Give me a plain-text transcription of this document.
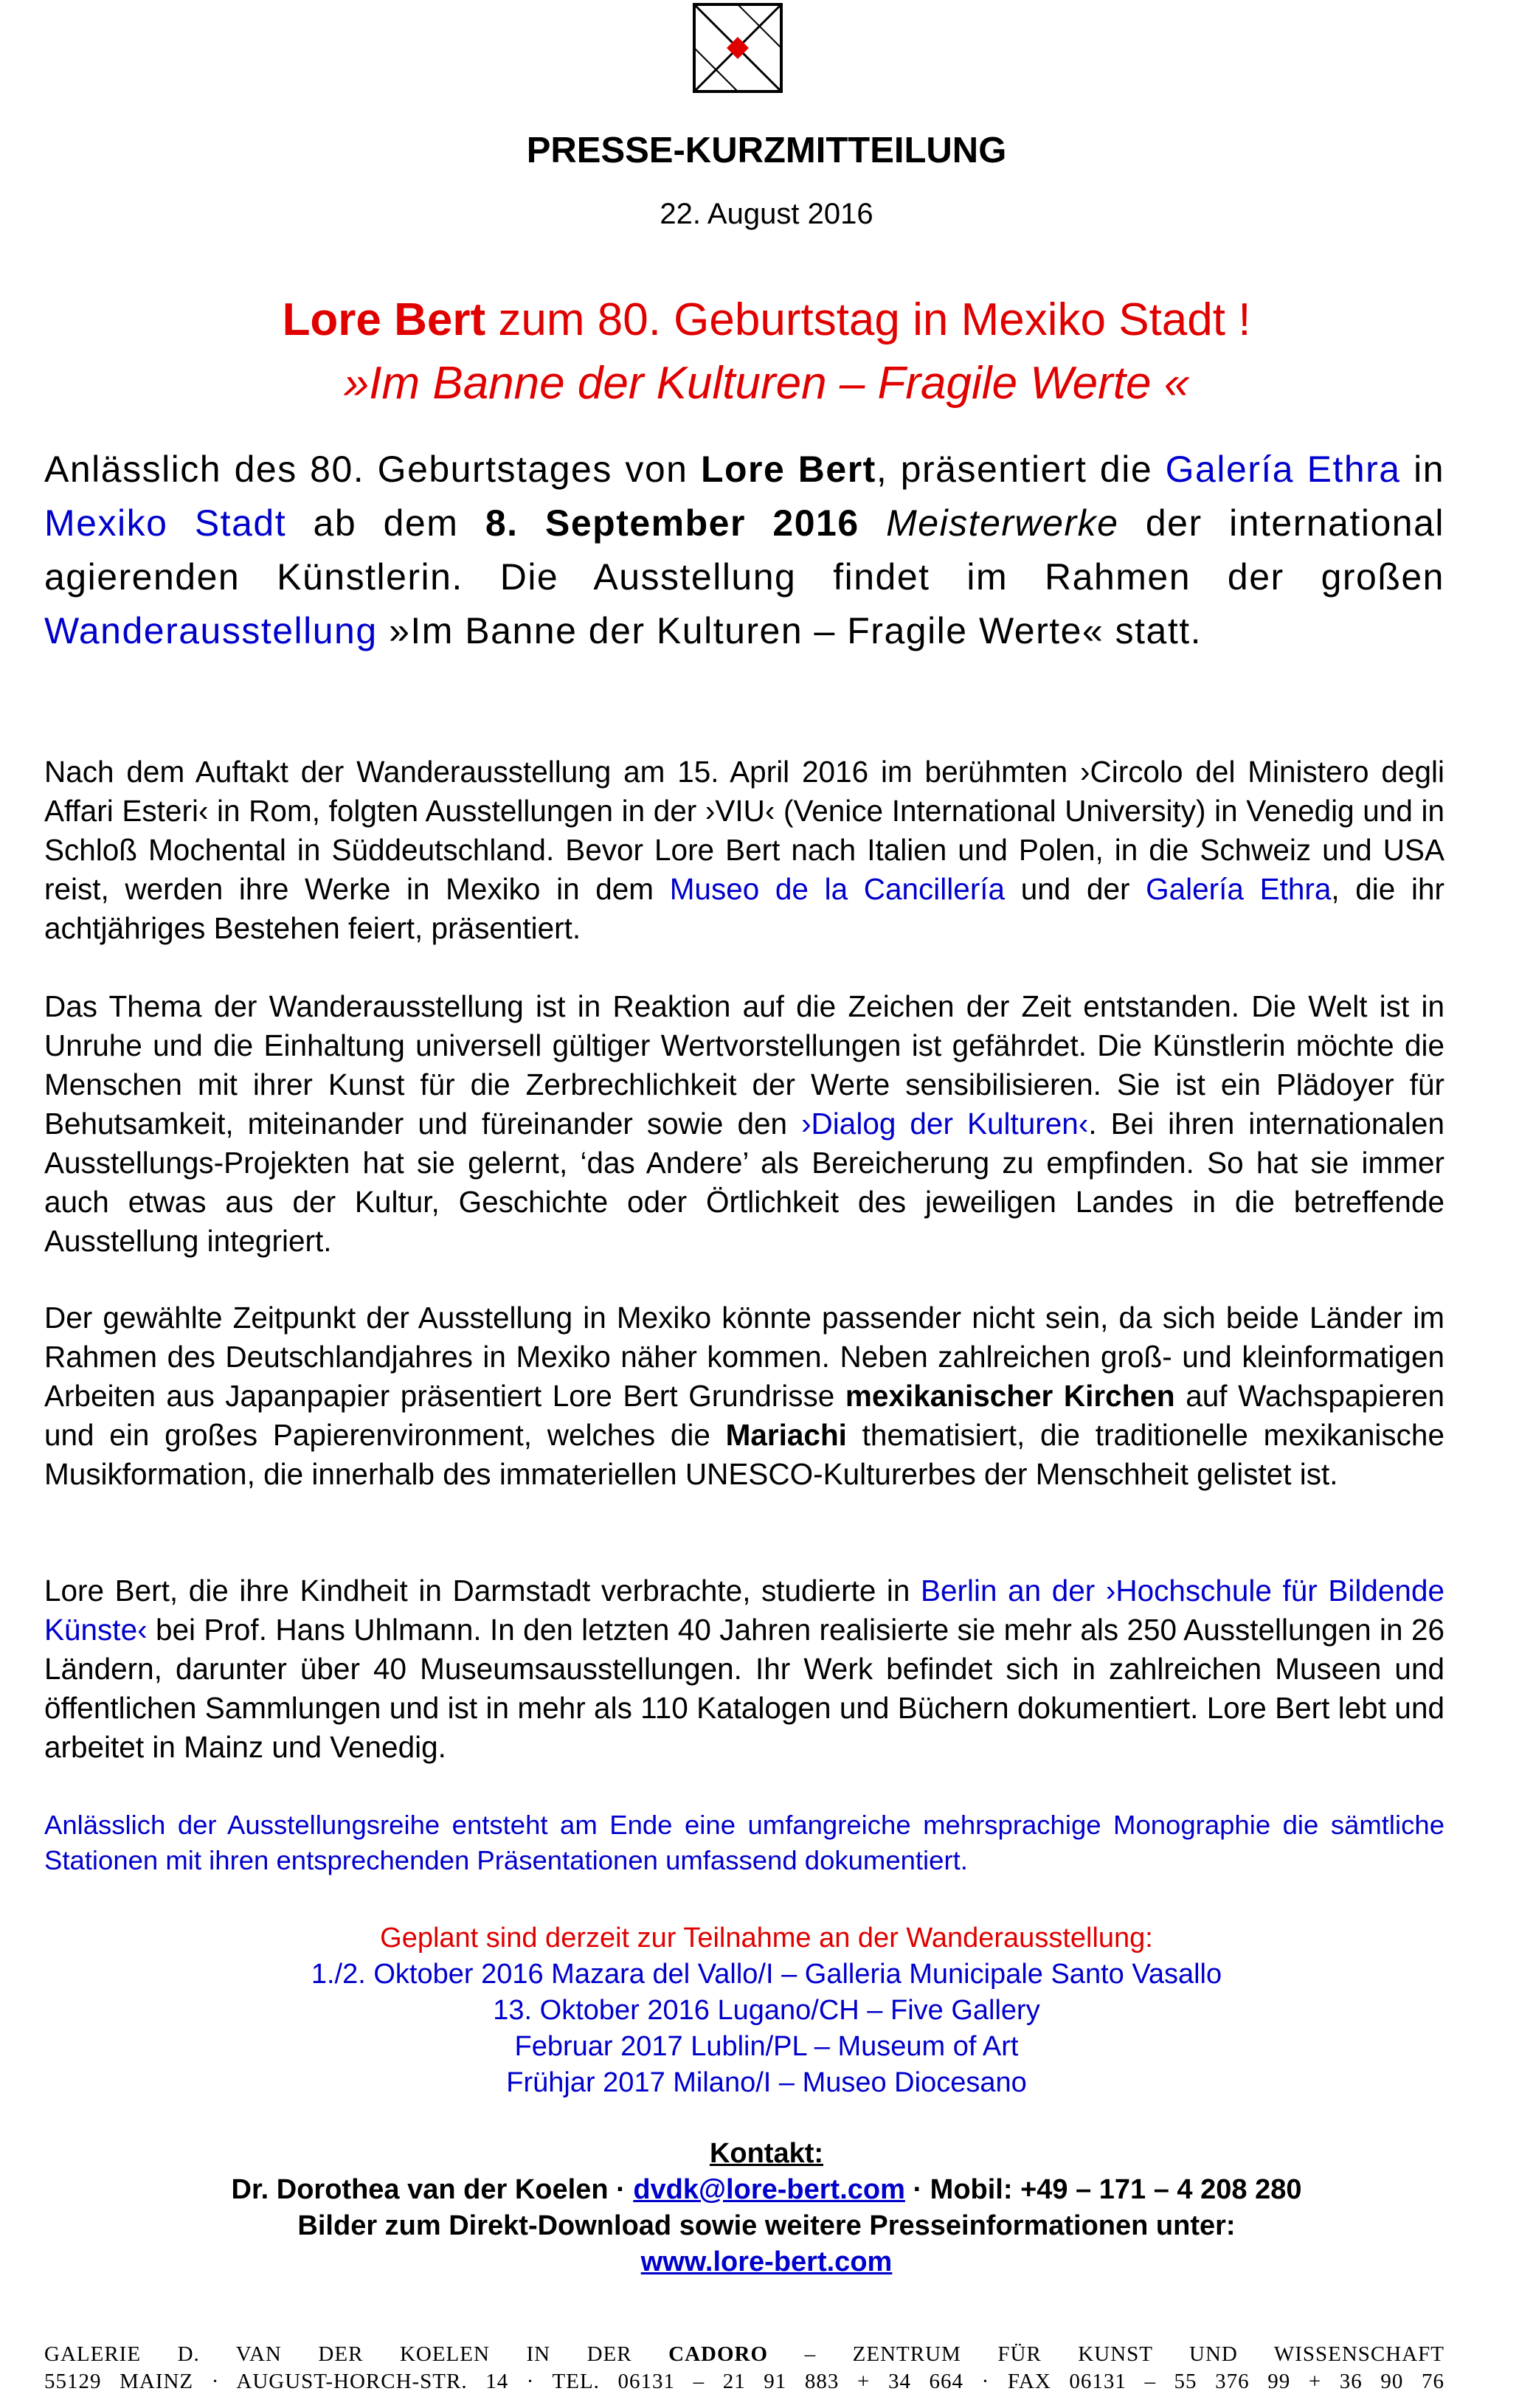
PRESSE-KURZMITTEILUNG
22. August 2016
Lore Bert zum 80. Geburtstag in Mexiko Stadt !
»Im Banne der Kulturen – Fragile Werte «
Anlässlich des 80. Geburtstages von Lore Bert, präsentiert die Galería Ethra in Mexiko Stadt ab dem 8. September 2016 Meisterwerke der international agierenden Künstlerin. Die Ausstellung findet im Rahmen der großen Wanderausstellung »Im Banne der Kulturen – Fragile Werte« statt.
Nach dem Auftakt der Wanderausstellung am 15. April 2016 im berühmten ›Circolo del Ministero degli Affari Esteri‹ in Rom, folgten Ausstellungen in der ›VIU‹ (Venice International University) in Venedig und in Schloß Mochental in Süddeutschland. Bevor Lore Bert nach Italien und Polen, in die Schweiz und USA reist, werden ihre Werke in Mexiko in dem Museo de la Cancillería und der Galería Ethra, die ihr achtjähriges Bestehen feiert, präsentiert.
Das Thema der Wanderausstellung ist in Reaktion auf die Zeichen der Zeit entstanden. Die Welt ist in Unruhe und die Einhaltung universell gültiger Wertvorstellungen ist gefährdet. Die Künstlerin möchte die Menschen mit ihrer Kunst für die Zerbrechlichkeit der Werte sensibilisieren. Sie ist ein Plädoyer für Behutsamkeit, miteinander und füreinander sowie den ›Dialog der Kulturen‹. Bei ihren internationalen Ausstellungs-Projekten hat sie gelernt, ‘das Andere’ als Bereicherung zu empfinden. So hat sie immer auch etwas aus der Kultur, Geschichte oder Örtlichkeit des jeweiligen Landes in die betreffende Ausstellung integriert.
Der gewählte Zeitpunkt der Ausstellung in Mexiko könnte passender nicht sein, da sich beide Länder im Rahmen des Deutschlandjahres in Mexiko näher kommen. Neben zahlreichen groß- und kleinformatigen Arbeiten aus Japanpapier präsentiert Lore Bert Grundrisse mexikanischer Kirchen auf Wachspapieren und ein großes Papierenvironment, welches die Mariachi thematisiert, die traditionelle mexikanische Musikformation, die innerhalb des immateriellen UNESCO-Kulturerbes der Menschheit gelistet ist.
Lore Bert, die ihre Kindheit in Darmstadt verbrachte, studierte in Berlin an der ›Hochschule für Bildende Künste‹ bei Prof. Hans Uhlmann. In den letzten 40 Jahren realisierte sie mehr als 250 Ausstellungen in 26 Ländern, darunter über 40 Museumsausstellungen. Ihr Werk befindet sich in zahlreichen Museen und öffentlichen Sammlungen und ist in mehr als 110 Katalogen und Büchern dokumentiert. Lore Bert lebt und arbeitet in Mainz und Venedig.
Anlässlich der Ausstellungsreihe entsteht am Ende eine umfangreiche mehrsprachige Monographie die sämtliche Stationen mit ihren entsprechenden Präsentationen umfassend dokumentiert.
Geplant sind derzeit zur Teilnahme an der Wanderausstellung:
1./2. Oktober 2016 Mazara del Vallo/I – Galleria Municipale Santo Vasallo
13. Oktober 2016 Lugano/CH – Five Gallery
Februar 2017 Lublin/PL – Museum of Art
Frühjar 2017 Milano/I – Museo Diocesano
Kontakt:
Dr. Dorothea van der Koelen · dvdk@lore-bert.com · Mobil: +49 – 171 – 4 208 280
Bilder zum Direkt-Download sowie weitere Presseinformationen unter:
www.lore-bert.com
GALERIE D. VAN DER KOELEN IN DER CADORO – ZENTRUM FÜR KUNST UND WISSENSCHAFT
55129 MAINZ · AUGUST-HORCH-STR. 14 · TEL. 06131 – 21 91 883 + 34 664 · FAX 06131 – 55 376 99 + 36 90 76
